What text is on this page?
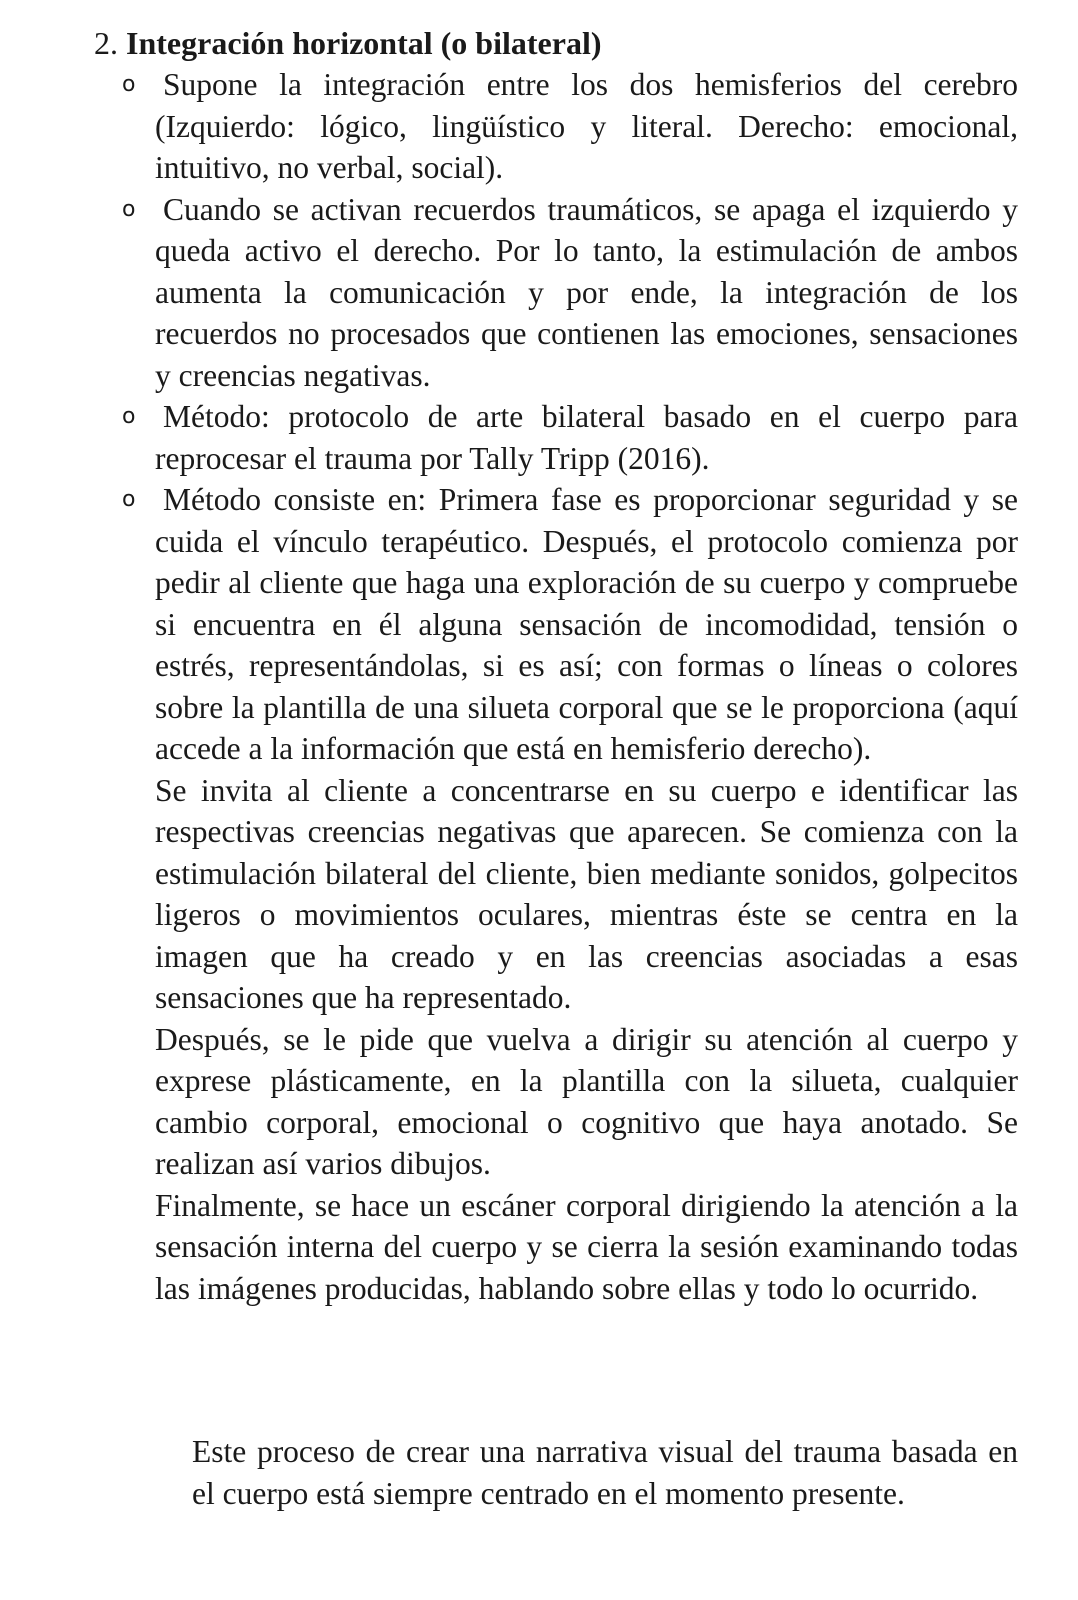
2. Integración horizontal (o bilateral)
o Supone la integración entre los dos hemisferios del cerebro (Izquierdo: lógico, lingüístico y literal. Derecho: emocional, intuitivo, no verbal, social).

o Cuando se activan recuerdos traumáticos, se apaga el izquierdo y queda activo el derecho. Por lo tanto, la estimulación de ambos aumenta la comunicación y por ende, la integración de los recuerdos no procesados que contienen las emociones, sensaciones y creencias negativas.

o Método: protocolo de arte bilateral basado en el cuerpo para reprocesar el trauma por Tally Tripp (2016).

o Método consiste en: Primera fase es proporcionar seguridad y se cuida el vínculo terapéutico. Después, el protocolo comienza por pedir al cliente que haga una exploración de su cuerpo y compruebe si encuentra en él alguna sensación de incomodidad, tensión o estrés, representándolas, si es así; con formas o líneas o colores sobre la plantilla de una silueta corporal que se le proporciona (aquí accede a la información que está en hemisferio derecho).

Se invita al cliente a concentrarse en su cuerpo e identificar las respectivas creencias negativas que aparecen. Se comienza con la estimulación bilateral del cliente, bien mediante sonidos, golpecitos ligeros o movimientos oculares, mientras éste se centra en la imagen que ha creado y en las creencias asociadas a esas sensaciones que ha representado.

Después, se le pide que vuelva a dirigir su atención al cuerpo y exprese plásticamente, en la plantilla con la silueta, cualquier cambio corporal, emocional o cognitivo que haya anotado. Se realizan así varios dibujos.

Finalmente, se hace un escáner corporal dirigiendo la atención a la sensación interna del cuerpo y se cierra la sesión examinando todas las imágenes producidas, hablando sobre ellas y todo lo ocurrido.

Este proceso de crear una narrativa visual del trauma basada en el cuerpo está siempre centrado en el momento presente.
